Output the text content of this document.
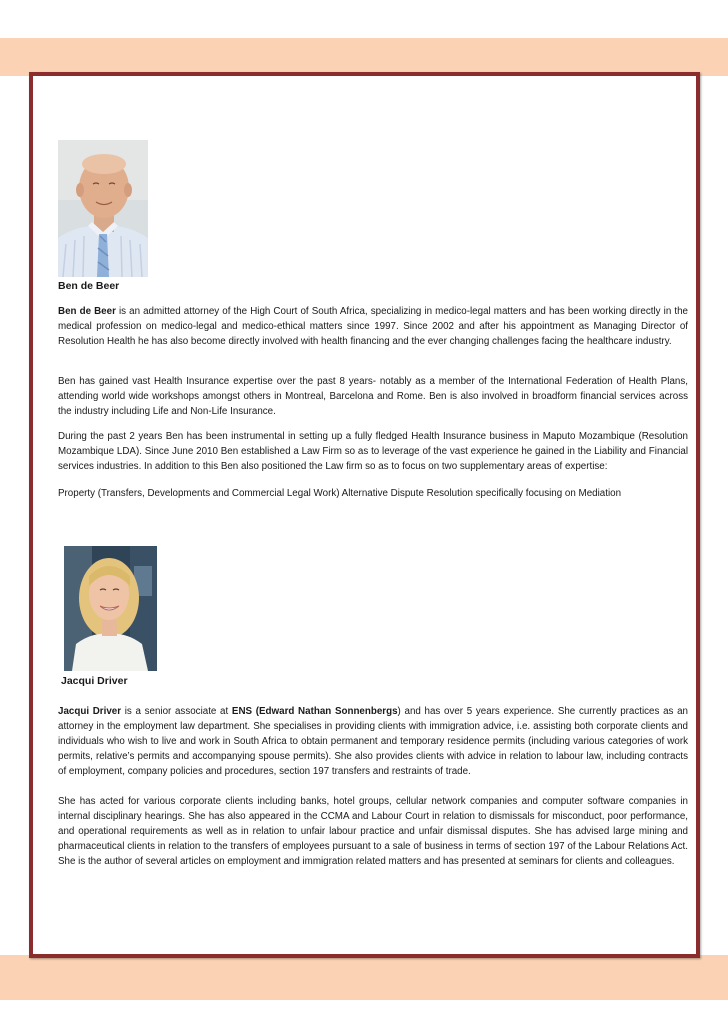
Ben de Beer
Ben de Beer is an admitted attorney of the High Court of South Africa, specializing in medico-legal matters and has been working directly in the medical profession on medico-legal and medico-ethical matters since 1997. Since 2002 and after his appointment as Managing Director of Resolution Health he has also become directly involved with health financing and the ever changing challenges facing the healthcare industry.
Ben has gained vast Health Insurance expertise over the past 8 years- notably as a member of the International Federation of Health Plans, attending world wide workshops amongst others in Montreal, Barcelona and Rome. Ben is also involved in broadform financial services across the industry including Life and Non-Life Insurance.
During the past 2 years Ben has been instrumental in setting up a fully fledged Health Insurance business in Maputo Mozambique (Resolution Mozambique LDA). Since June 2010 Ben established a Law Firm so as to leverage of the vast experience he gained in the Liability and Financial services industries. In addition to this Ben also positioned the Law firm so as to focus on two supplementary areas of expertise:
Property (Transfers, Developments and Commercial Legal Work) Alternative Dispute Resolution specifically focusing on Mediation
Jacqui Driver
Jacqui Driver is a senior associate at ENS (Edward Nathan Sonnenbergs) and has over 5 years experience. She currently practices as an attorney in the employment law department. She specialises in providing clients with immigration advice, i.e. assisting both corporate clients and individuals who wish to live and work in South Africa to obtain permanent and temporary residence permits (including various categories of work permits, relative’s permits and accompanying spouse permits). She also provides clients with advice in relation to labour law, including contracts of employment, company policies and procedures, section 197 transfers and restraints of trade.
She has acted for various corporate clients including banks, hotel groups, cellular network companies and computer software companies in internal disciplinary hearings. She has also appeared in the CCMA and Labour Court in relation to dismissals for misconduct, poor performance, and operational requirements as well as in relation to unfair labour practice and unfair dismissal disputes. She has advised large mining and pharmaceutical clients in relation to the transfers of employees pursuant to a sale of business in terms of section 197 of the Labour Relations Act. She is the author of several articles on employment and immigration related matters and has presented at seminars for clients and colleagues.
